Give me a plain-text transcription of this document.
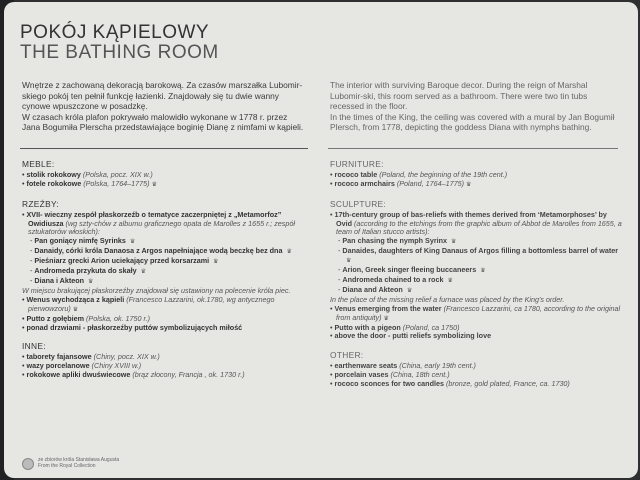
POKÓJ KĄPIELOWY
THE BATHING ROOM

Wnętrze z zachowaną dekoracją barokową. Za czasów marszałka Lubomir-skiego pokój ten pełnił funkcję łazienki. Znajdowały się tu dwie wanny cynowe wpuszczone w posadzkę.

W czasach króla plafon pokrywało malowidło wykonane w 1778 r. przez Jana Bogumiła Plerscha przedstawiające boginię Dianę z nimfami w kąpieli.

The interior with surviving Baroque decor. During the reign of Marshal Lubomir-ski, this room served as a bathroom. There were two tin tubs recessed in the floor.

In the times of the King, the ceiling was covered with a mural by Jan Bogumił Plersch, from 1778, depicting the goddess Diana with nymphs bathing.

MEBLE:
• stolik rokokowy (Polska, pocz. XIX w.)
• fotele rokokowe (Polska, 1764–1775) ♛
RZEŹBY:
• XVII- wieczny zespół płaskorzeźb o tematyce zaczerpniętej z „Metamorfoz” Owidiusza (wg szty-chów z albumu graficznego opata de Marolles z 1655 r.; zespół sztukatorów włoskich):
- Pan goniący nimfę Syrinks ♛
- Danaidy, córki króla Danaosa z Argos napełniające wodą beczkę bez dna ♛
- Pieśniarz grecki Arion uciekający przed korsarzami ♛
- Andromeda przykuta do skały ♛
- Diana i Akteon ♛
W miejscu brakującej płaskorzeźby znajdował się ustawiony na polecenie króla piec.
• Wenus wychodząca z kąpieli (Francesco Lazzarini, ok.1780, wg antycznego pierwowzoru) ♛
• Putto z gołębiem (Polska, ok. 1750 r.)
• ponad drzwiami - płaskorzeźby puttów symbolizujących miłość
INNE:
• taborety fajansowe (Chiny, pocz. XIX w.)
• wazy porcelanowe (Chiny XVIII w.)
• rokokowe aplikі dwuświecowe (brąz złocony, Francja , ok. 1730 r.)
FURNITURE:
• rococo table (Poland, the beginning of the 19th cent.)
• rococo armchairs (Poland, 1764–1775) ♛
SCULPTURE:
• 17th-century group of bas-reliefs with themes derived from ‘Metamorphoses’ by Ovid (according to the etchings from the graphic album of Abbot de Marolles from 1655, a team of Italian stucco artists):
- Pan chasing the nymph Syrinx ♛
- Danaides, daughters of King Danaus of Argos filling a bottomless barrel of water ♛
- Arion, Greek singer fleeing buccaneers ♛
- Andromeda chained to a rock ♛
- Diana and Akteon ♛
In the place of the missing relief a furnace was placed by the King's order.
• Venus emerging from the water (Francesco Lazzarini, ca 1780, according to the original from antiquity) ♛
• Putto with a pigeon (Poland, ca 1750)
• above the door - putti reliefs symbolizing love
OTHER:
• earthenware seats (China, early 19th cent.)
• porcelain vases (China, 18th cent.)
• rococo sconces for two candles (bronze, gold plated, France, ca. 1730)
ze zbiorów króla Stanisława Augusta
From the Royal Collection
